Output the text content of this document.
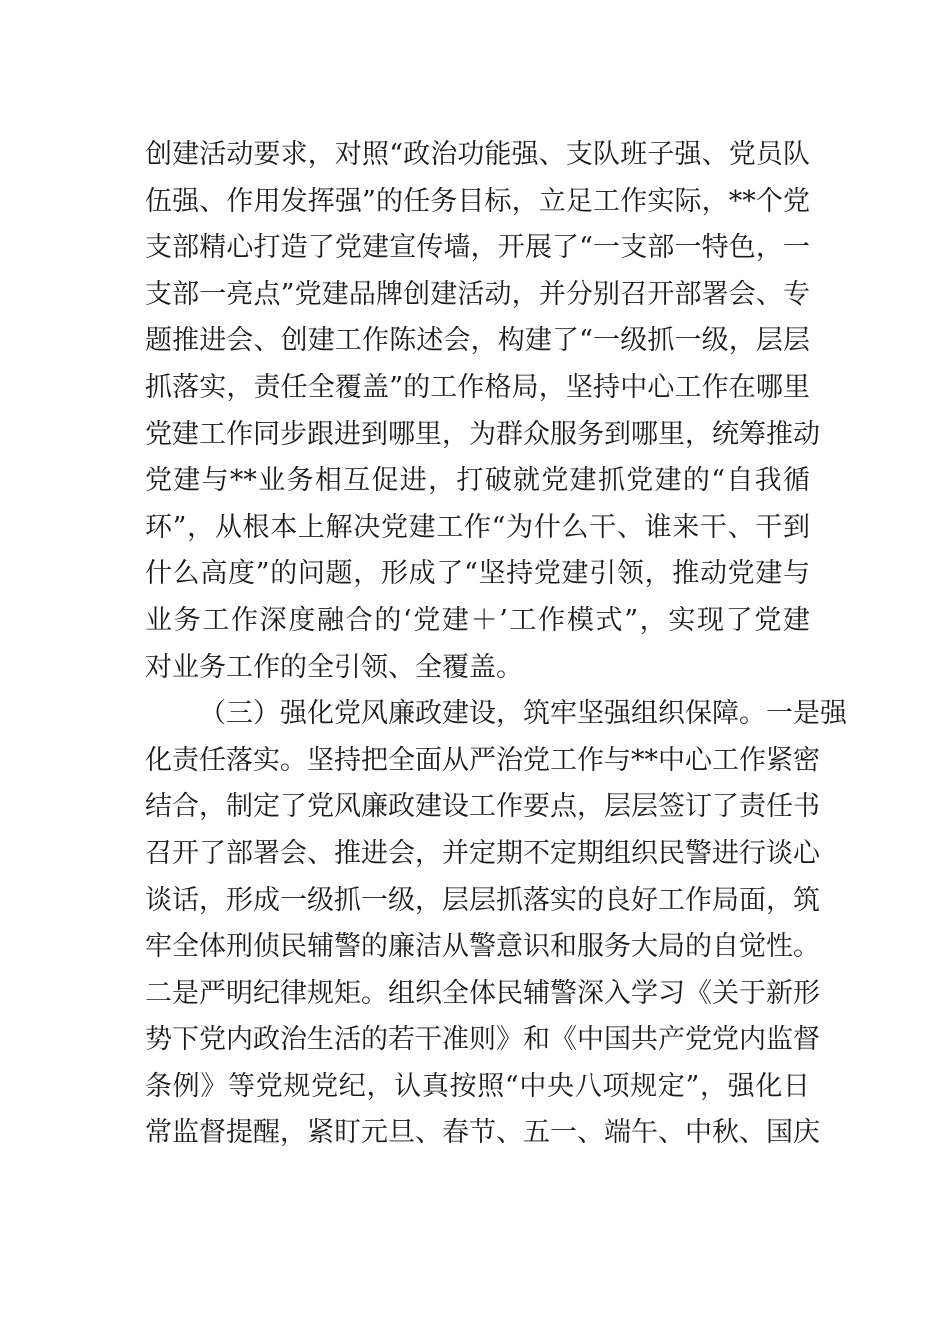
创建活动要求，对照“政治功能强、支队班子强、党员队
伍强、作用发挥强”的任务目标，立足工作实际，**个党
支部精心打造了党建宣传墙，开展了“一支部一特色，一
支部一亮点”党建品牌创建活动，并分别召开部署会、专
题推进会、创建工作陈述会，构建了“一级抓一级，层层
抓落实，责任全覆盖”的工作格局，坚持中心工作在哪里
党建工作同步跟进到哪里，为群众服务到哪里，统筹推动
党建与**业务相互促进，打破就党建抓党建的“自我循
环”，从根本上解决党建工作“为什么干、谁来干、干到
什么高度”的问题，形成了“坚持党建引领，推动党建与
业务工作深度融合的‘党建＋’工作模式”，实现了党建
对业务工作的全引领、全覆盖。
（三）强化党风廉政建设，筑牢坚强组织保障。一是强
化责任落实。坚持把全面从严治党工作与**中心工作紧密
结合，制定了党风廉政建设工作要点，层层签订了责任书
召开了部署会、推进会，并定期不定期组织民警进行谈心
谈话，形成一级抓一级，层层抓落实的良好工作局面，筑
牢全体刑侦民辅警的廉洁从警意识和服务大局的自觉性。
二是严明纪律规矩。组织全体民辅警深入学习《关于新形
势下党内政治生活的若干准则》和《中国共产党党内监督
条例》等党规党纪，认真按照“中央八项规定”，强化日
常监督提醒，紧盯元旦、春节、五一、端午、中秋、国庆
